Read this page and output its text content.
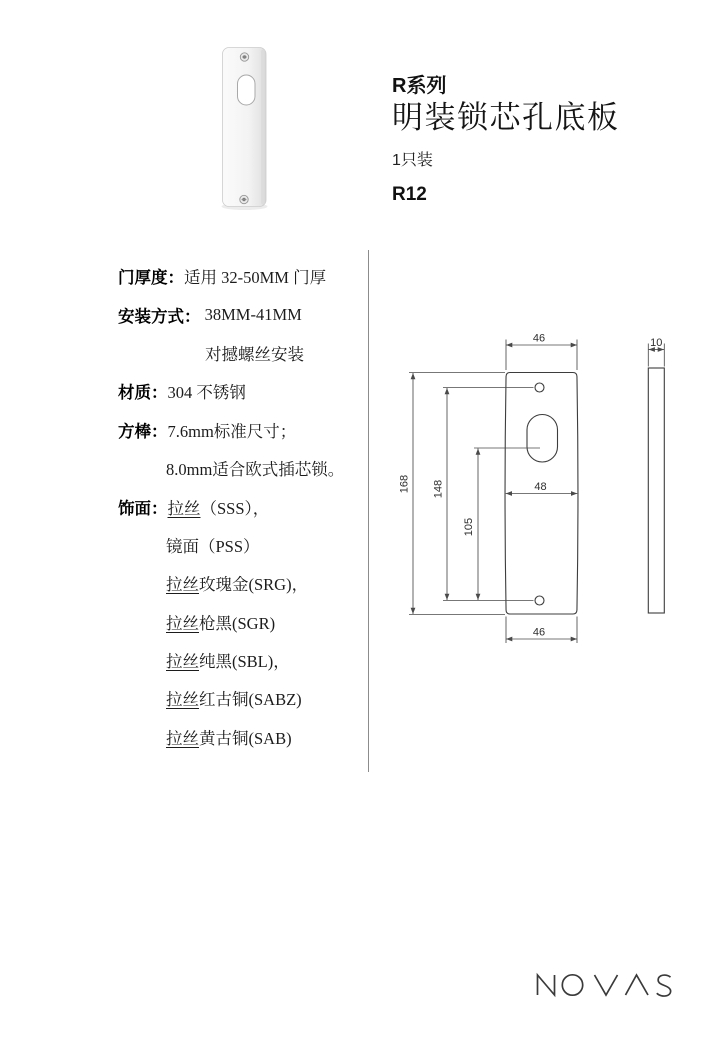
R系列
明装锁芯孔底板
1只装
R12
门厚度： 适用 32-50MM 门厚
安装方式： 38MM-41MM
对撼螺丝安装
材质： 304 不锈钢
方棒： 7.6mm标准尺寸；
8.0mm适合欧式插芯锁。
饰面： 拉丝 （SSS），
镜面（PSS）
拉丝 玫瑰金(SRG)，
拉丝 枪黑(SGR)
拉丝 纯黑(SBL)，
拉丝 红古铜(SABZ)
拉丝 黄古铜(SAB)
46	10
168 148
105
48
46
